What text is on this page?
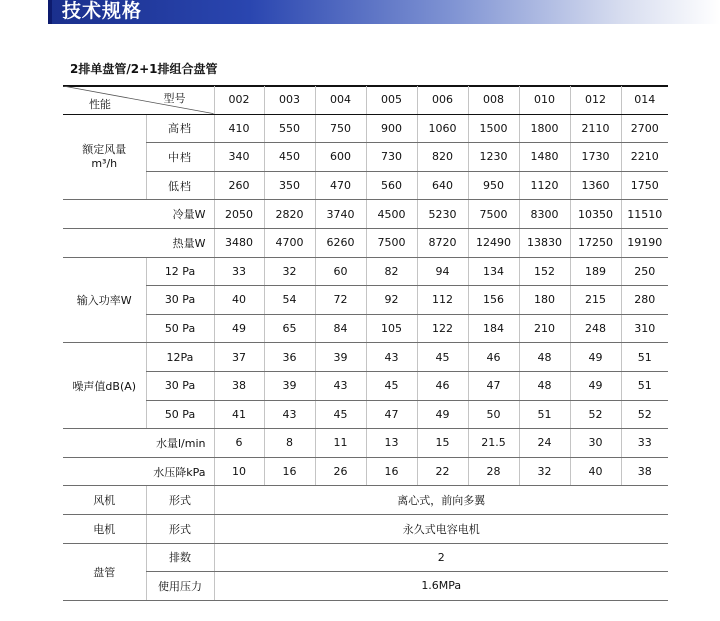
技术规格
2排单盘管/2+1排组合盘管
型号
性能		002	003	004	005	006	008	010	012	014
额定风量
m³/h	高档	410	550	750	900	1060	1500	1800	2110	2700
	中档	340	450	600	730	820	1230	1480	1730	2210
	低档	260	350	470	560	640	950	1120	1360	1750
冷量W		2050	2820	3740	4500	5230	7500	8300	10350	11510
热量W		3480	4700	6260	7500	8720	12490	13830	17250	19190
输入功率W	12 Pa	33	32	60	82	94	134	152	189	250
	30 Pa	40	54	72	92	112	156	180	215	280
	50 Pa	49	65	84	105	122	184	210	248	310
噪声值dB(A)	12Pa	37	36	39	43	45	46	48	49	51
	30 Pa	38	39	43	45	46	47	48	49	51
	50 Pa	41	43	45	47	49	50	51	52	52
水量l/min		6	8	11	13	15	21.5	24	30	33
水压降kPa		10	16	26	16	22	28	32	40	38
风机	形式	离心式，前向多翼								
电机	形式	永久式电容电机								
盘管	排数	2								
	使用压力	1.6MPa								
